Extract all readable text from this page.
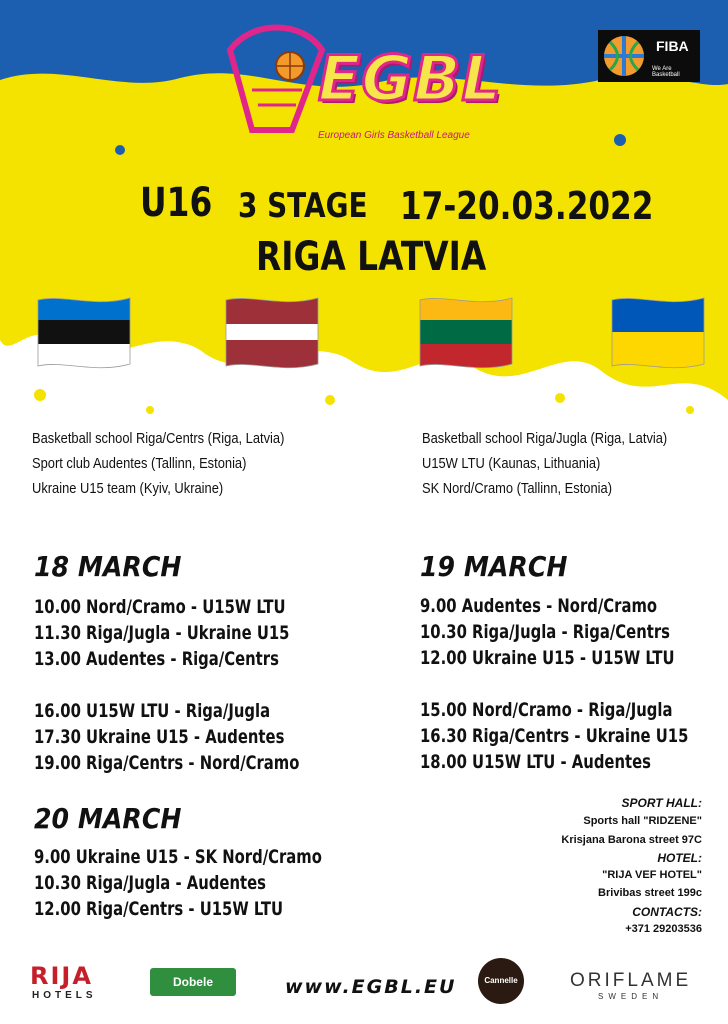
EGBL
European Girls Basketball League
FIBA
We Are Basketball
U16 3 STAGE 17-20.03.2022
RIGA LATVIA
Basketball school Riga/Centrs (Riga, Latvia)
Sport club Audentes (Tallinn, Estonia)
Ukraine U15 team (Kyiv, Ukraine)
Basketball school Riga/Jugla (Riga, Latvia)
U15W LTU (Kaunas, Lithuania)
SK Nord/Cramo (Tallinn, Estonia)
18 MARCH
10.00 Nord/Cramo - U15W LTU
11.30 Riga/Jugla - Ukraine U15
13.00 Audentes - Riga/Centrs
16.00 U15W LTU - Riga/Jugla
17.30 Ukraine U15 - Audentes
19.00 Riga/Centrs - Nord/Cramo
19 MARCH
9.00 Audentes - Nord/Cramo
10.30 Riga/Jugla - Riga/Centrs
12.00 Ukraine U15 - U15W LTU
15.00 Nord/Cramo - Riga/Jugla
16.30 Riga/Centrs - Ukraine U15
18.00 U15W LTU - Audentes
20 MARCH
9.00 Ukraine U15 - SK Nord/Cramo
10.30 Riga/Jugla - Audentes
12.00 Riga/Centrs - U15W LTU
SPORT HALL:
Sports hall "RIDZENE"
Krisjana Barona street 97C
HOTEL:
"RIJA VEF HOTEL"
Brivibas street 199c
CONTACTS:
+371 29203536
RIJA
HOTELS
Dobele	www.EGBL.EU	Cannelle	ORIFLAME
SWEDEN
